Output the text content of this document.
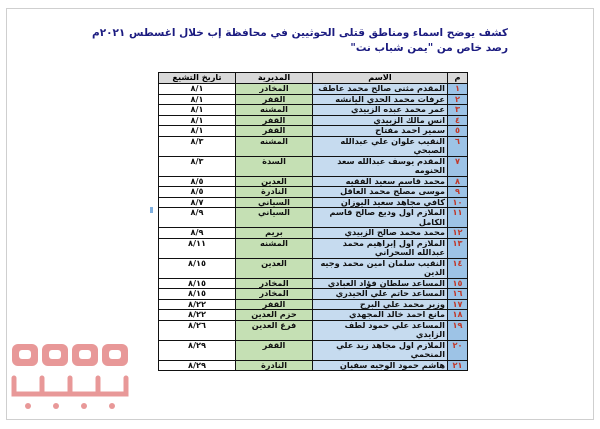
كشف يوضح اسماء ومناطق قتلى الحوثيين في محافظة إب خلال اغسطس ٢٠٢١م
رصد خاص من "يمن شباب نت"
م	الاسم	المديرية	تاريخ التشيع
١	المقدم مثنى صالح محمد عاطف	المخادر	٨/١
٢	عرفات محمد الحدي اليانشه	القفر	٨/١
٣	عمر محمد عبده الزبيدي	المشنه	٨/١
٤	انس مالك الزبيدي	القفر	٨/١
٥	سمير احمد مفتاح	القفر	٨/١
٦	النقيب علوان علي عبدالله الصبحي	المشنه	٨/٣
٧	المقدم يوسف عبدالله سعد الحنومه	السدة	٨/٣
٨	محمد قاسم سعيد الفقيه	العدين	٨/٥
٩	موسى مصلح محمد العاقل	النادرة	٨/٥
١٠	كافي مجاهد سعيد اليوزان	السياني	٨/٧
١١	الملازم اول وديع صالح قاسم الكامل	السياني	٨/٩
١٢	محمد محمد صالح الزبيدي	بريم	٨/٩
١٣	الملازم اول إبراهيم محمد عبدالله السحراني	المشنه	٨/١١
١٤	النقيب سلمان امين محمد وجيه الدين	العدين	٨/١٥
١٥	المساعد سلطان فؤاد العبادي	المخادر	٨/١٥
١٦	المساعد حاتم علي الحيدري	المخادر	٨/١٥
١٧	وزير محمد علي البرح	القفر	٨/٢٢
١٨	مانع احمد خالد المجهدي	حزم العدين	٨/٢٢
١٩	المساعد علي حمود لطف الزايدي	فرع العدين	٨/٢٦
٢٠	الملازم اول مجاهد زيد علي المنحمي	القفر	٨/٢٩
٢١	هاشم حمود الوجيه سفيان	النادرة	٨/٢٩
